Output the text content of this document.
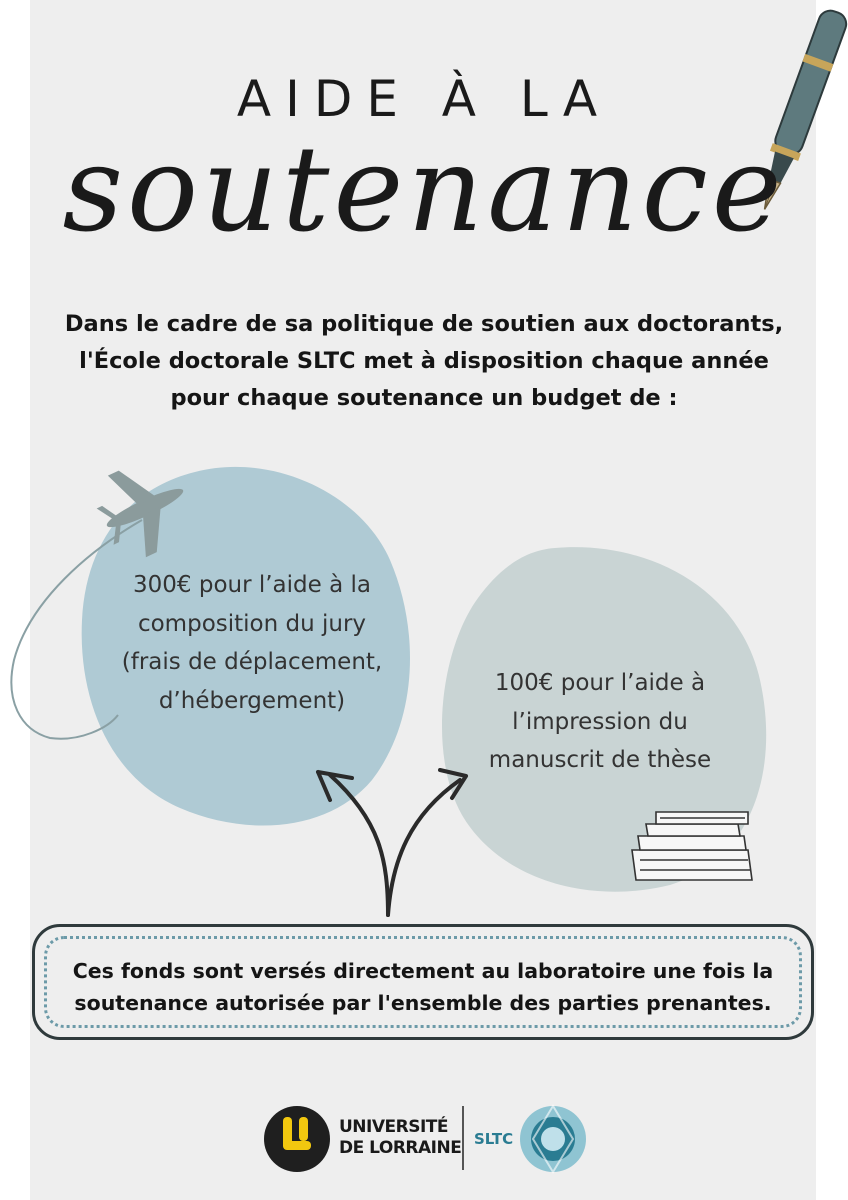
AIDE À LA
soutenance
Dans le cadre de sa politique de soutien aux doctorants,
l'École doctorale SLTC met à disposition chaque année
pour chaque soutenance un budget de :
300€ pour l’aide à la
composition du jury
(frais de déplacement,
d’hébergement)
100€ pour l’aide à
l’impression du
manuscrit de thèse
Ces fonds sont versés directement au laboratoire une fois la
soutenance autorisée par l'ensemble des parties prenantes.
UNIVERSITÉ
DE LORRAINE SLTC
